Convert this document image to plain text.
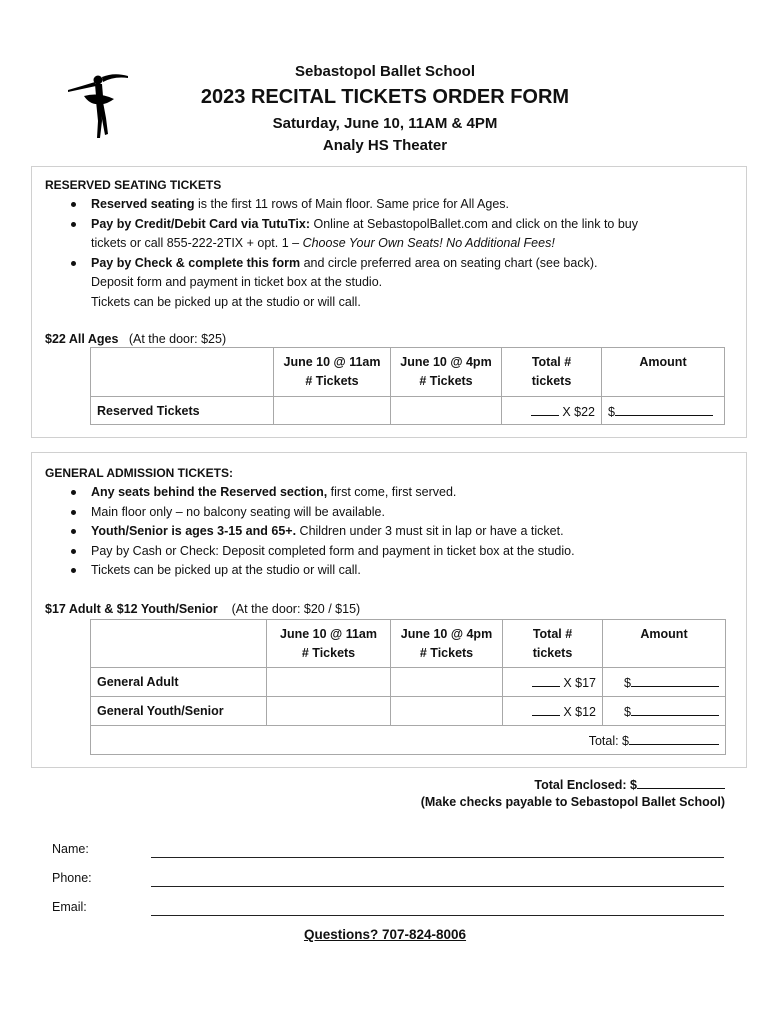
Sebastopol Ballet School
2023 RECITAL TICKETS ORDER FORM
Saturday, June 10, 11AM & 4PM
Analy HS Theater
RESERVED SEATING TICKETS
Reserved seating is the first 11 rows of Main floor. Same price for All Ages.
Pay by Credit/Debit Card via TutuTix: Online at SebastopolBallet.com and click on the link to buy
tickets or call 855-222-2TIX + opt. 1 – Choose Your Own Seats! No Additional Fees!
Pay by Check & complete this form and circle preferred area on seating chart (see back).
Deposit form and payment in ticket box at the studio.
Tickets can be picked up at the studio or will call.
$22 All Ages (At the door: $25)
	June 10 @ 11am
# Tickets	June 10 @ 4pm
# Tickets	Total #
tickets	Amount
Reserved Tickets			X $22	$
GENERAL ADMISSION TICKETS:
Any seats behind the Reserved section, first come, first served.
Main floor only – no balcony seating will be available.
Youth/Senior is ages 3-15 and 65+. Children under 3 must sit in lap or have a ticket.
Pay by Cash or Check: Deposit completed form and payment in ticket box at the studio.
Tickets can be picked up at the studio or will call.
$17 Adult & $12 Youth/Senior (At the door: $20 / $15)
	June 10 @ 11am
# Tickets	June 10 @ 4pm
# Tickets	Total #
tickets	Amount
General Adult			X $17	$
General Youth/Senior			X $12	$
Total: $				
Total Enclosed: $
(Make checks payable to Sebastopol Ballet School)
Name:
Phone:
Email:
Questions? 707-824-8006
